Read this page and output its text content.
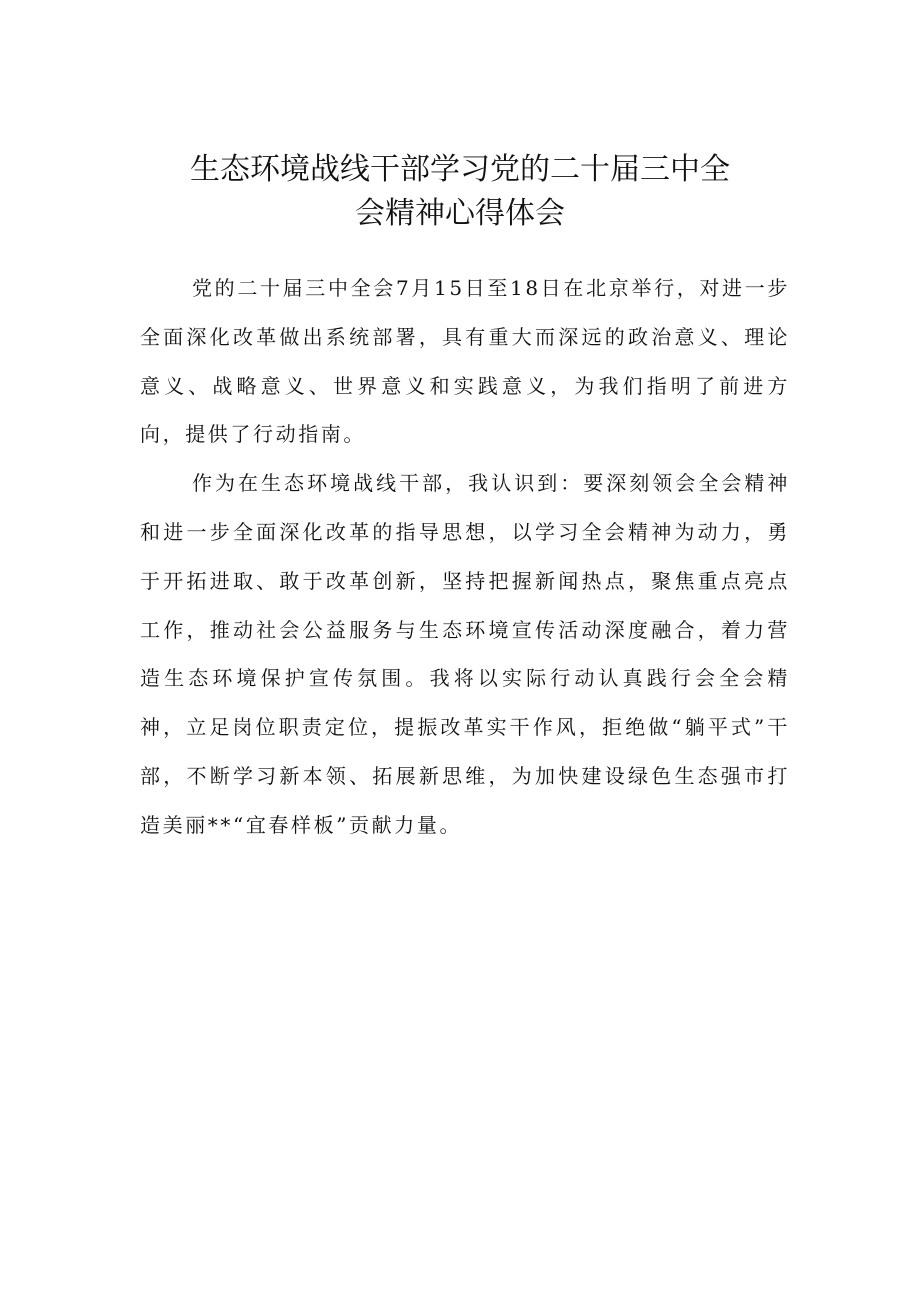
生态环境战线干部学习党的二十届三中全
会精神心得体会

党的二十届三中全会7月15日至18日在北京举行，对进一步全面深化改革做出系统部署，具有重大而深远的政治意义、理论意义、战略意义、世界意义和实践意义，为我们指明了前进方向，提供了行动指南。

作为在生态环境战线干部，我认识到：要深刻领会全会精神和进一步全面深化改革的指导思想，以学习全会精神为动力，勇于开拓进取、敢于改革创新，坚持把握新闻热点，聚焦重点亮点工作，推动社会公益服务与生态环境宣传活动深度融合，着力营造生态环境保护宣传氛围。我将以实际行动认真践行会全会精神，立足岗位职责定位，提振改革实干作风，拒绝做“躺平式”干部，不断学习新本领、拓展新思维，为加快建设绿色生态强市打造美丽**“宜春样板”贡献力量。
